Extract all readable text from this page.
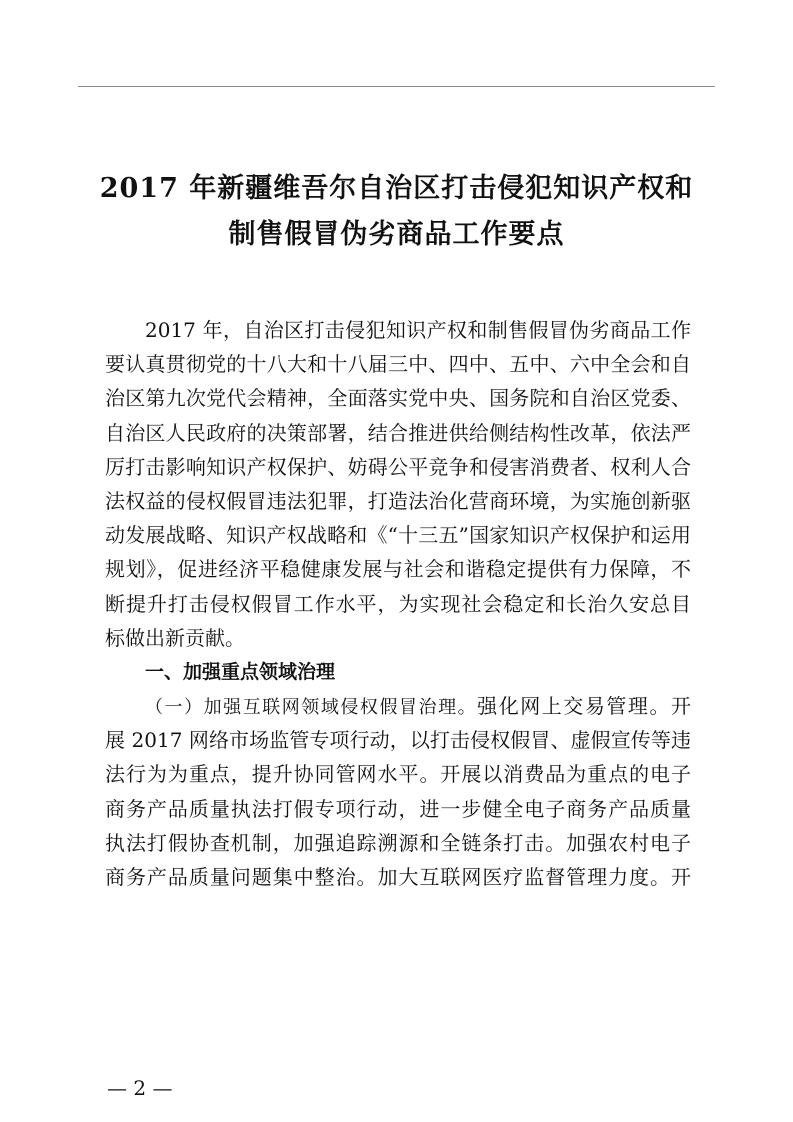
2017 年新疆维吾尔自治区打击侵犯知识产权和
制售假冒伪劣商品工作要点
2017 年，自治区打击侵犯知识产权和制售假冒伪劣商品工作
要认真贯彻党的十八大和十八届三中、四中、五中、六中全会和自
治区第九次党代会精神，全面落实党中央、国务院和自治区党委、
自治区人民政府的决策部署，结合推进供给侧结构性改革，依法严
厉打击影响知识产权保护、妨碍公平竞争和侵害消费者、权利人合
法权益的侵权假冒违法犯罪，打造法治化营商环境，为实施创新驱
动发展战略、知识产权战略和《“十三五”国家知识产权保护和运用
规划》，促进经济平稳健康发展与社会和谐稳定提供有力保障，不
断提升打击侵权假冒工作水平，为实现社会稳定和长治久安总目
标做出新贡献。
一、加强重点领域治理
（一）加强互联网领域侵权假冒治理。强化网上交易管理。开
展 2017 网络市场监管专项行动，以打击侵权假冒、虚假宣传等违
法行为为重点，提升协同管网水平。开展以消费品为重点的电子
商务产品质量执法打假专项行动，进一步健全电子商务产品质量
执法打假协查机制，加强追踪溯源和全链条打击。加强农村电子
商务产品质量问题集中整治。加大互联网医疗监督管理力度。开
— 2 —
